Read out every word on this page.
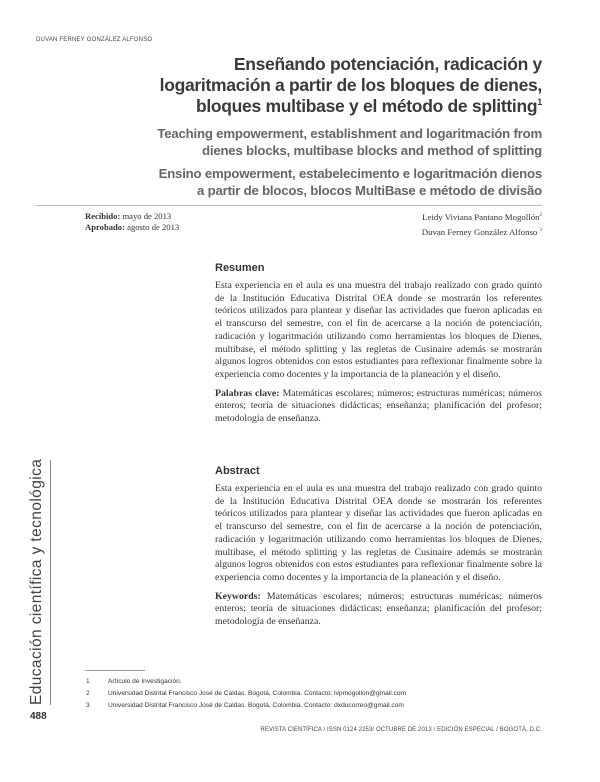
DUVAN FERNEY GONZÁLEZ ALFONSO
Enseñando potenciación, radicación y
logaritmación a partir de los bloques de dienes,
bloques multibase y el método de splitting$^1$
Teaching empowerment, establishment and logaritmación from
dienes blocks, multibase blocks and method of splitting
Ensino empowerment, estabelecimento e logaritmación dienos
a partir de blocos, blocos MultiBase e método de divisão
Recibido: mayo de 2013
Aprobado: agosto de 2013
Leidy Viviana Pantano Mogollón$^2$
Duvan Ferney González Alfonso $^3$
Resumen
Esta experiencia en el aula es una muestra del trabajo realizado con grado quinto de la Institución Educativa Distrital OEA donde se mostrarán los referentes teóricos utilizados para plantear y diseñar las actividades que fueron aplicadas en el transcurso del semestre, con el fin de acercarse a la noción de potenciación, radicación y logaritmación utilizando como herramientas los bloques de Dienes, multibase, el método splitting y las regletas de Cusinaire además se mostrarán algunos logros obtenidos con estos estudiantes para reflexionar finalmente sobre la experiencia como docentes y la importancia de la planeación y el diseño.
Palabras clave: Matemáticas escolares; números; estructuras numéricas; números enteros; teoría de situaciones didácticas; enseñanza; planificación del profesor; metodología de enseñanza.
Abstract
Esta experiencia en el aula es una muestra del trabajo realizado con grado quinto de la Institución Educativa Distrital OEA donde se mostrarán los referentes teóricos utilizados para plantear y diseñar las actividades que fueron aplicadas en el transcurso del semestre, con el fin de acercarse a la noción de potenciación, radicación y logaritmación utilizando como herramientas los bloques de Dienes, multibase, el método splitting y las regletas de Cusinaire además se mostrarán algunos logros obtenidos con estos estudiantes para reflexionar finalmente sobre la experiencia como docentes y la importancia de la planeación y el diseño.
Keywords: Matemáticas escolares; números; estructuras numéricas; números enteros; teoría de situaciones didácticas; enseñanza; planificación del profesor; metodología de enseñanza.
Educación científica y tecnológica	1	Artículo de Investigación.
2	Universidad Distrital Francisco José de Caldas. Bogotá, Colombia. Contacto: lvpmogollon@gmail.com
3	Universidad Distrital Francisco José de Caldas. Bogotá, Colombia. Contacto: dxducorreo@gmail.com
488
REVISTA CIENTÍFICA / ISSN 0124 2253/ OCTUBRE DE 2013 / EDICIÓN ESPECIAL / BOGOTÁ, D.C.
